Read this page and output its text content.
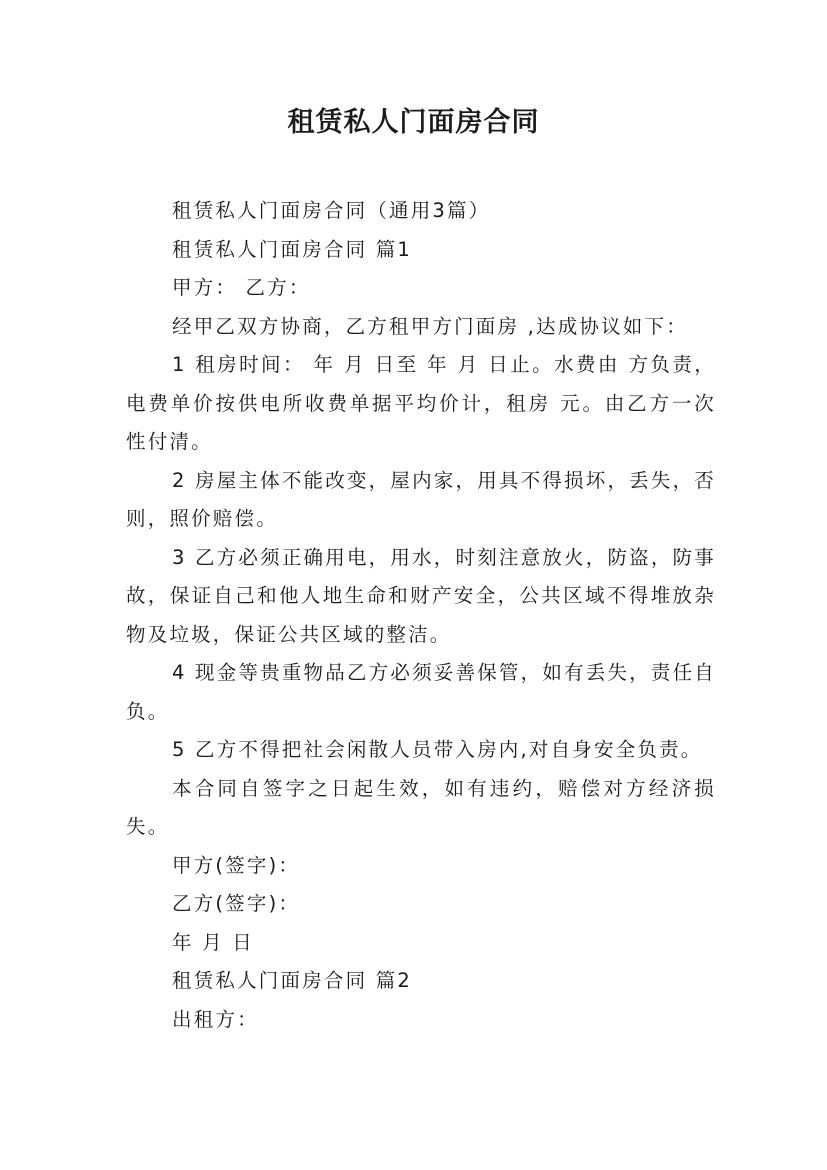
租赁私人门面房合同

租赁私人门面房合同（通用3篇）

租赁私人门面房合同 篇1

甲方： 乙方：

经甲乙双方协商，乙方租甲方门面房 ,达成协议如下：

1 租房时间： 年 月 日至 年 月 日止。水费由 方负责，电费单价按供电所收费单据平均价计，租房 元。由乙方一次性付清。

2 房屋主体不能改变，屋内家，用具不得损坏，丢失，否则，照价赔偿。

3 乙方必须正确用电，用水，时刻注意放火，防盗，防事故，保证自己和他人地生命和财产安全，公共区域不得堆放杂物及垃圾，保证公共区域的整洁。

4 现金等贵重物品乙方必须妥善保管，如有丢失，责任自负。

5 乙方不得把社会闲散人员带入房内,对自身安全负责。

本合同自签字之日起生效，如有违约，赔偿对方经济损失。

甲方(签字)：

乙方(签字)：

年 月 日

租赁私人门面房合同 篇2

出租方：
